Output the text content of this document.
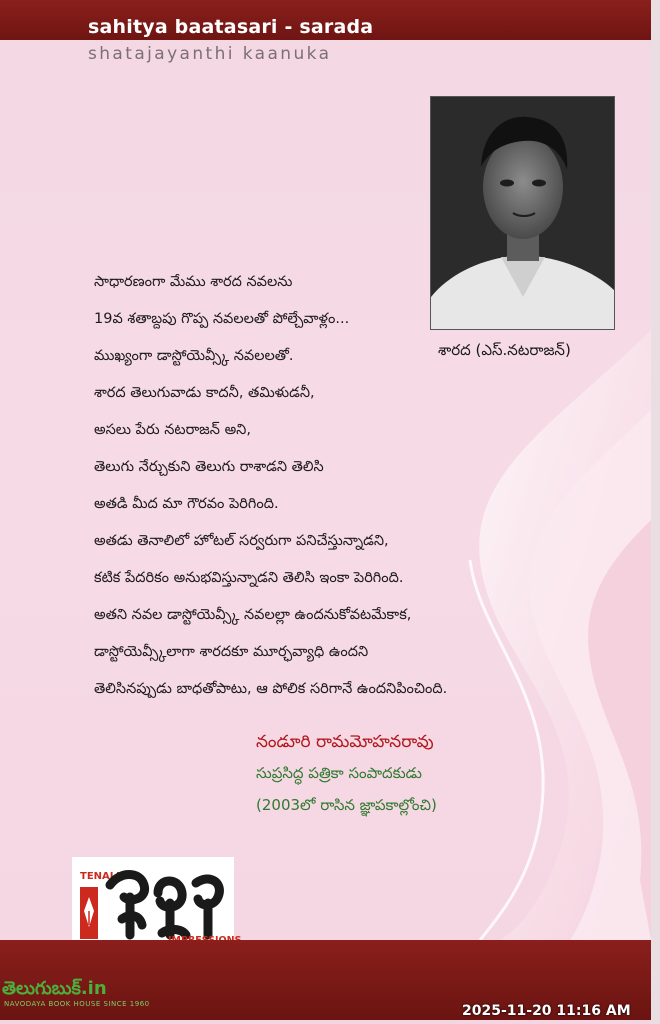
sahitya baatasari - sarada
shatajayanthi kaanuka
శారద (ఎస్.నటరాజన్)
సాధారణంగా మేము శారద నవలను
19వ శతాబ్దపు గొప్ప నవలలతో పోల్చేవాళ్లం...
ముఖ్యంగా డాస్టోయెవ్స్కీ నవలలతో.
శారద తెలుగువాడు కాదనీ, తమిళుడనీ,
అసలు పేరు నటరాజన్ అని,
తెలుగు నేర్చుకుని తెలుగు రాశాడని తెలిసి
అతడి మీద మా గౌరవం పెరిగింది.
అతడు తెనాలిలో హోటల్ సర్వరుగా పనిచేస్తున్నాడని,
కటిక పేదరికం అనుభవిస్తున్నాడని తెలిసి ఇంకా పెరిగింది.
అతని నవల డాస్టోయెవ్స్కీ నవలల్లా ఉందనుకోవటమేకాక,
డాస్టోయెవ్స్కీలాగా శారదకూ మూర్ఛవ్యాధి ఉందని
తెలిసినప్పుడు బాధతోపాటు, ఆ పోలిక సరిగానే ఉందనిపించింది.
నండూరి రామమోహనరావు
సుప్రసిద్ధ పత్రికా సంపాదకుడు
(2003లో రాసిన జ్ఞాపకాల్లోంచి)
TENALI
తెలుగుబుక్.in
NAVODAYA BOOK HOUSE SINCE 1960	2025-11-20 11:16 AM
